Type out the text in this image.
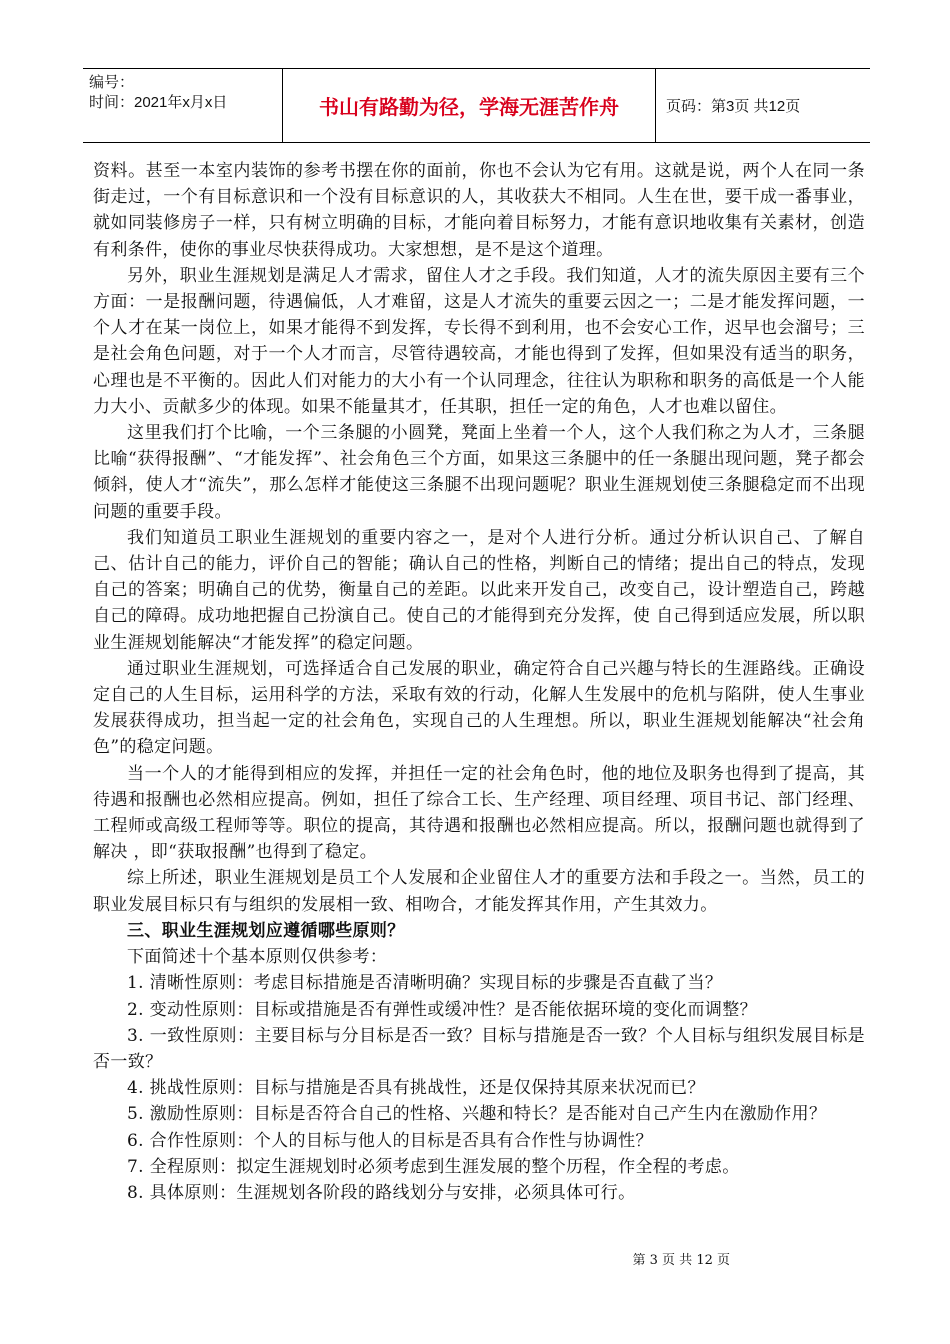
编号：
时间：2021年x月x日	书山有路勤为径，学海无涯苦作舟	页码：第3页 共12页

资料。甚至一本室内装饰的参考书摆在你的面前，你也不会认为它有用。这就是说，两个人在同一条街走过，一个有目标意识和一个没有目标意识的人，其收获大不相同。人生在世，要干成一番事业，就如同装修房子一样，只有树立明确的目标，才能向着目标努力，才能有意识地收集有关素材，创造有利条件，使你的事业尽快获得成功。大家想想，是不是这个道理。

另外，职业生涯规划是满足人才需求，留住人才之手段。我们知道，人才的流失原因主要有三个方面：一是报酬问题，待遇偏低，人才难留，这是人才流失的重要云因之一；二是才能发挥问题，一个人才在某一岗位上，如果才能得不到发挥，专长得不到利用，也不会安心工作，迟早也会溜号；三是社会角色问题，对于一个人才而言，尽管待遇较高，才能也得到了发挥，但如果没有适当的职务，心理也是不平衡的。因此人们对能力的大小有一个认同理念，往往认为职称和职务的高低是一个人能力大小、贡献多少的体现。如果不能量其才，任其职，担任一定的角色，人才也难以留住。

这里我们打个比喻，一个三条腿的小圆凳，凳面上坐着一个人，这个人我们称之为人才，三条腿比喻“获得报酬”、“才能发挥”、社会角色三个方面，如果这三条腿中的任一条腿出现问题，凳子都会倾斜，使人才“流失”，那么怎样才能使这三条腿不出现问题呢？职业生涯规划使三条腿稳定而不出现问题的重要手段。

我们知道员工职业生涯规划的重要内容之一，是对个人进行分析。通过分析认识自己、了解自己、估计自己的能力，评价自己的智能；确认自己的性格，判断自己的情绪；提出自己的特点，发现自己的答案；明确自己的优势，衡量自己的差距。以此来开发自己，改变自己，设计塑造自己，跨越自己的障碍。成功地把握自己扮演自己。使自己的才能得到充分发挥，使 自己得到适应发展，所以职业生涯规划能解决“才能发挥”的稳定问题。

通过职业生涯规划，可选择适合自己发展的职业，确定符合自己兴趣与特长的生涯路线。正确设定自己的人生目标，运用科学的方法，采取有效的行动，化解人生发展中的危机与陷阱，使人生事业发展获得成功，担当起一定的社会角色，实现自己的人生理想。所以，职业生涯规划能解决“社会角色”的稳定问题。

当一个人的才能得到相应的发挥，并担任一定的社会角色时，他的地位及职务也得到了提高，其待遇和报酬也必然相应提高。例如，担任了综合工长、生产经理、项目经理、项目书记、部门经理、工程师或高级工程师等等。职位的提高，其待遇和报酬也必然相应提高。所以，报酬问题也就得到了解决 ，即“获取报酬”也得到了稳定。

综上所述，职业生涯规划是员工个人发展和企业留住人才的重要方法和手段之一。当然，员工的职业发展目标只有与组织的发展相一致、相吻合，才能发挥其作用，产生其效力。

三、职业生涯规划应遵循哪些原则？

下面简述十个基本原则仅供参考：

1. 清晰性原则：考虑目标措施是否清晰明确？实现目标的步骤是否直截了当？

2. 变动性原则：目标或措施是否有弹性或缓冲性？是否能依据环境的变化而调整？

3. 一致性原则：主要目标与分目标是否一致？目标与措施是否一致？个人目标与组织发展目标是否一致？

4. 挑战性原则：目标与措施是否具有挑战性，还是仅保持其原来状况而已？

5. 激励性原则：目标是否符合自己的性格、兴趣和特长？是否能对自己产生内在激励作用？

6. 合作性原则：个人的目标与他人的目标是否具有合作性与协调性？

7. 全程原则：拟定生涯规划时必须考虑到生涯发展的整个历程，作全程的考虑。

8. 具体原则：生涯规划各阶段的路线划分与安排，必须具体可行。

第 3 页 共 12 页
